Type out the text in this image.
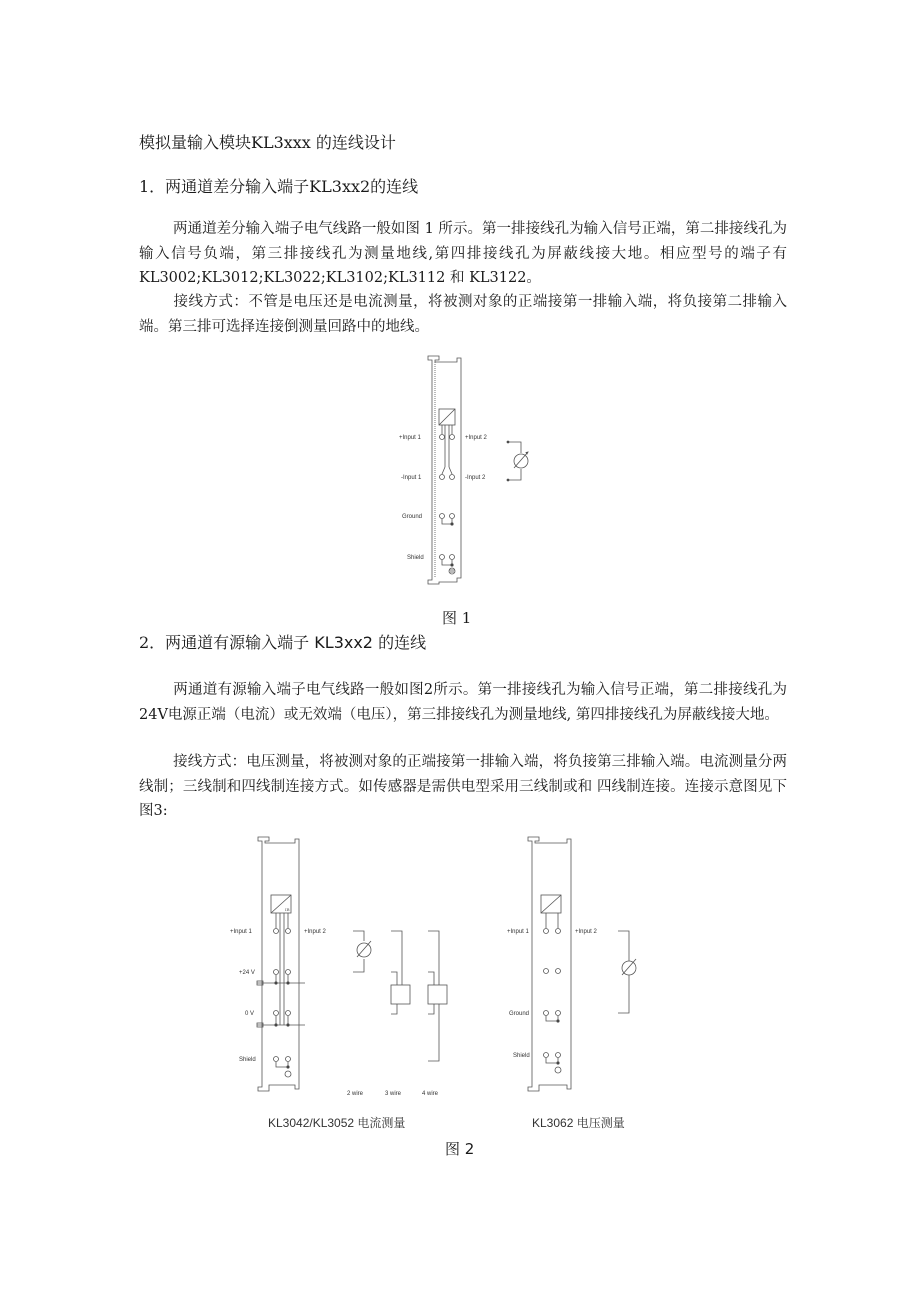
模拟量输入模块KL3xxx 的连线设计
1．两通道差分输入端子KL3xx2的连线

两通道差分输入端子电气线路一般如图 1 所示。第一排接线孔为输入信号正端，第二排接线孔为输入信号负端，第三排接线孔为测量地线,第四排接线孔为屏蔽线接大地。相应型号的端子有 KL3002;KL3012;KL3022;KL3102;KL3112 和 KL3122。

接线方式：不管是电压还是电流测量，将被测对象的正端接第一排输入端，将负接第二排输入端。第三排可选择连接倒测量回路中的地线。

+Input 1	+Input 2
-Input 1	-Input 2
Ground
Shield
图 1
2．两通道有源输入端子 KL3xx2 的连线

两通道有源输入端子电气线路一般如图2所示。第一排接线孔为输入信号正端，第二排接线孔为24V电源正端（电流）或无效端（电压），第三排接线孔为测量地线, 第四排接线孔为屏蔽线接大地。

接线方式：电压测量，将被测对象的正端接第一排输入端，将负接第三排输入端。电流测量分两线制；三线制和四线制连接方式。如传感器是需供电型采用三线制或和 四线制连接。连接示意图见下图3:

IB
+Input 1	+Input 2
+24 V
0 V
Shield
2 wire	3 wire	4 wire
+Input 1	+Input 2
Ground
Shield
KL3042/KL3052 电流测量	KL3062 电压测量
图 2
